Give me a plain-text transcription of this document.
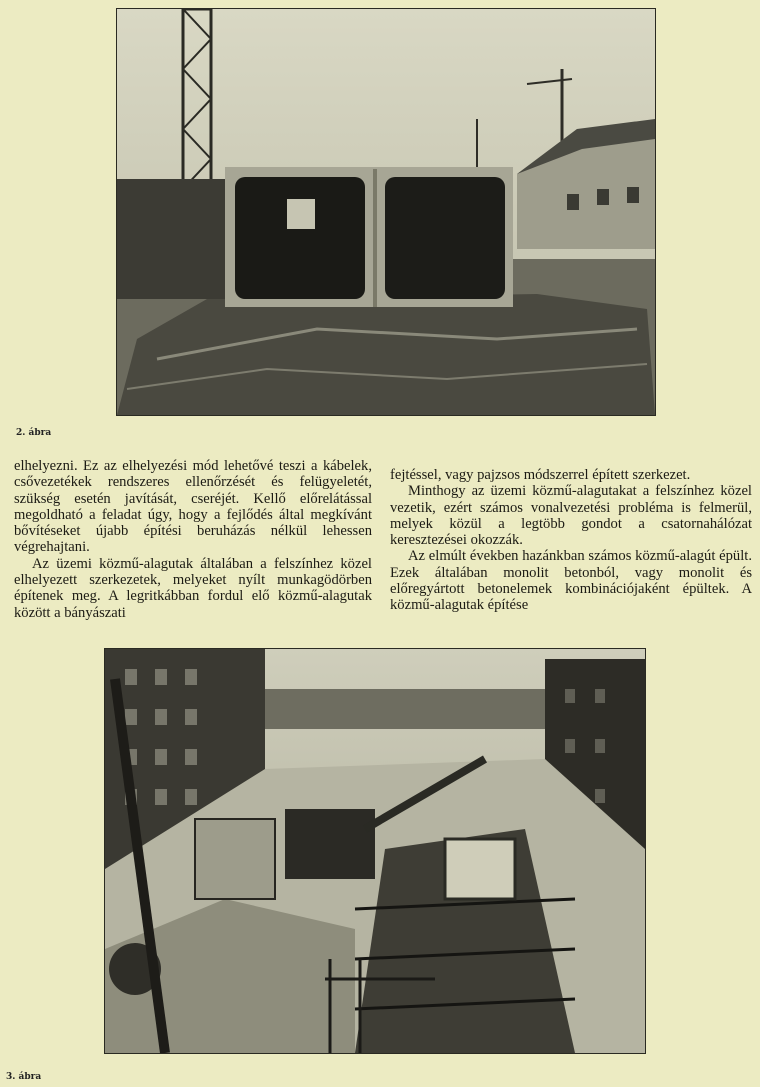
2. ábra

elhelyezni. Ez az elhelyezési mód lehetővé teszi a kábelek, csővezetékek rendszeres ellenőrzését és felügyeletét, szükség esetén javítását, cseréjét. Kellő előrelátással megoldható a feladat úgy, hogy a fejlődés által megkívánt bővítéseket újabb építési beruházás nélkül lehessen végrehajtani.

Az üzemi közmű-alagutak általában a felszínhez közel elhelyezett szerkezetek, melyeket nyílt munkagödörben építenek meg. A legritkábban fordul elő közmű-alagutak között a bányászati

fejtéssel, vagy pajzsos módszerrel épített szerkezet.

Minthogy az üzemi közmű-alagutakat a felszínhez közel vezetik, ezért számos vonalvezetési probléma is felmerül, melyek közül a legtöbb gondot a csatornahálózat keresztezései okozzák.

Az elmúlt években hazánkban számos közmű-alagút épült. Ezek általában monolit betonból, vagy monolit és előregyártott betonelemek kombinációjaként épültek. A közmű-alagutak építése

3. ábra
